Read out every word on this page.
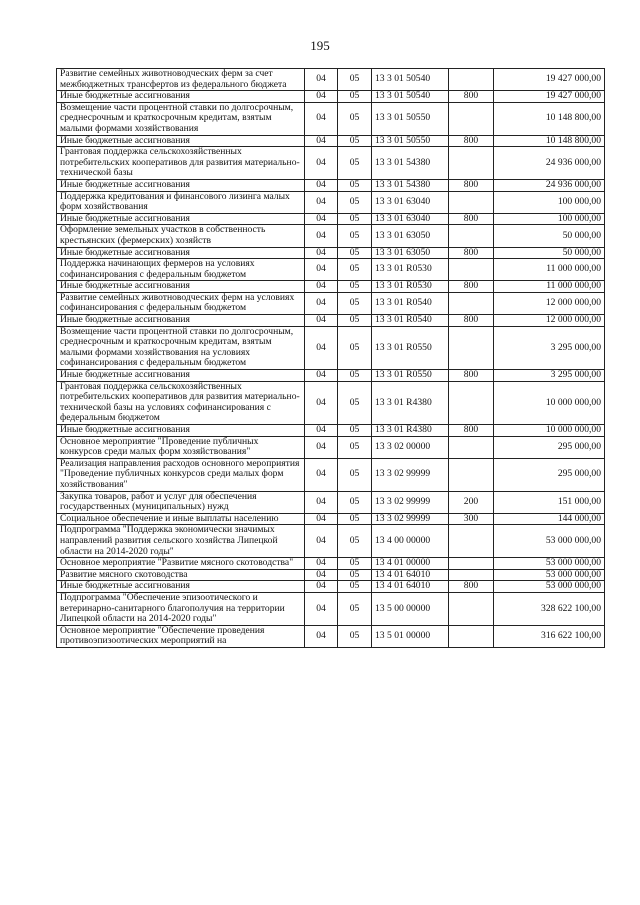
195
Развитие семейных животноводческих ферм за счет межбюджетных трансфертов из федерального бюджета	04	05	13 3 01 50540		19 427 000,00
Иные бюджетные ассигнования	04	05	13 3 01 50540	800	19 427 000,00
Возмещение части процентной ставки по долгосрочным, среднесрочным и краткосрочным кредитам, взятым малыми формами хозяйствования	04	05	13 3 01 50550		10 148 800,00
Иные бюджетные ассигнования	04	05	13 3 01 50550	800	10 148 800,00
Грантовая поддержка сельскохозяйственных потребительских кооперативов для развития материально-технической базы	04	05	13 3 01 54380		24 936 000,00
Иные бюджетные ассигнования	04	05	13 3 01 54380	800	24 936 000,00
Поддержка кредитования и финансового лизинга малых форм хозяйствования	04	05	13 3 01 63040		100 000,00
Иные бюджетные ассигнования	04	05	13 3 01 63040	800	100 000,00
Оформление земельных участков в собственность крестьянских (фермерских) хозяйств	04	05	13 3 01 63050		50 000,00
Иные бюджетные ассигнования	04	05	13 3 01 63050	800	50 000,00
Поддержка начинающих фермеров на условиях софинансирования с федеральным бюджетом	04	05	13 3 01 R0530		11 000 000,00
Иные бюджетные ассигнования	04	05	13 3 01 R0530	800	11 000 000,00
Развитие семейных животноводческих ферм на условиях софинансирования с федеральным бюджетом	04	05	13 3 01 R0540		12 000 000,00
Иные бюджетные ассигнования	04	05	13 3 01 R0540	800	12 000 000,00
Возмещение части процентной ставки по долгосрочным, среднесрочным и краткосрочным кредитам, взятым малыми формами хозяйствования на условиях софинансирования с федеральным бюджетом	04	05	13 3 01 R0550		3 295 000,00
Иные бюджетные ассигнования	04	05	13 3 01 R0550	800	3 295 000,00
Грантовая поддержка сельскохозяйственных потребительских кооперативов для развития материально-технической базы на условиях софинансирования с федеральным бюджетом	04	05	13 3 01 R4380		10 000 000,00
Иные бюджетные ассигнования	04	05	13 3 01 R4380	800	10 000 000,00
Основное мероприятие "Проведение публичных конкурсов среди малых форм хозяйствования"	04	05	13 3 02 00000		295 000,00
Реализация направления расходов основного мероприятия "Проведение публичных конкурсов среди малых форм хозяйствования"	04	05	13 3 02 99999		295 000,00
Закупка товаров, работ и услуг для обеспечения государственных (муниципальных) нужд	04	05	13 3 02 99999	200	151 000,00
Социальное обеспечение и иные выплаты населению	04	05	13 3 02 99999	300	144 000,00
Подпрограмма "Поддержка экономически значимых направлений развития сельского хозяйства Липецкой области на 2014-2020 годы"	04	05	13 4 00 00000		53 000 000,00
Основное мероприятие "Развитие мясного скотоводства"	04	05	13 4 01 00000		53 000 000,00
Развитие мясного скотоводства	04	05	13 4 01 64010		53 000 000,00
Иные бюджетные ассигнования	04	05	13 4 01 64010	800	53 000 000,00
Подпрограмма "Обеспечение эпизоотического и ветеринарно-санитарного благополучия на территории Липецкой области на 2014-2020 годы"	04	05	13 5 00 00000		328 622 100,00
Основное мероприятие "Обеспечение проведения противоэпизоотических мероприятий на	04	05	13 5 01 00000		316 622 100,00
